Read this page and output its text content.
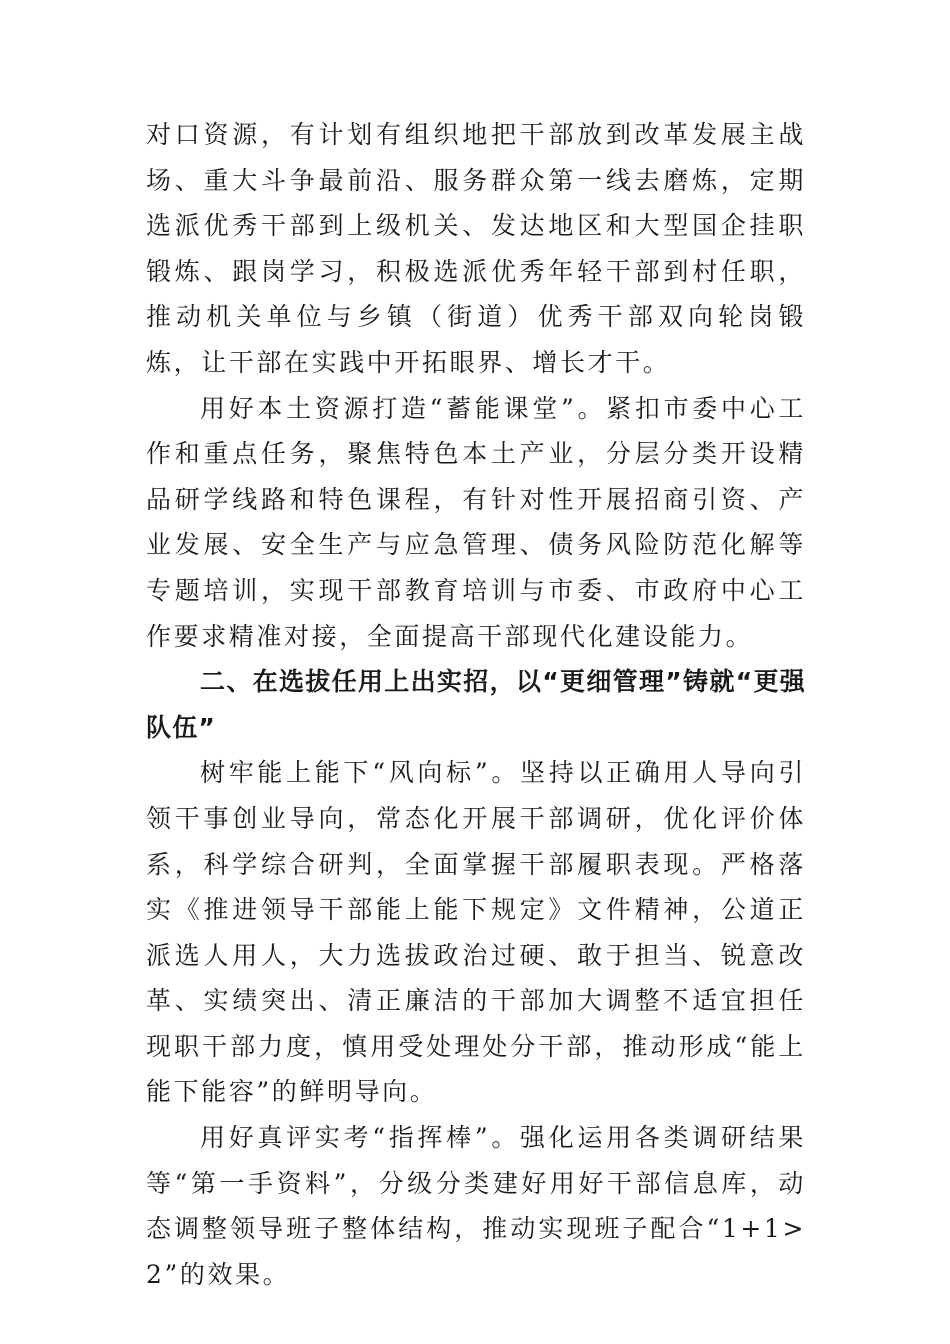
对口资源，有计划有组织地把干部放到改革发展主战场、重大斗争最前沿、服务群众第一线去磨炼，定期选派优秀干部到上级机关、发达地区和大型国企挂职锻炼、跟岗学习，积极选派优秀年轻干部到村任职，推动机关单位与乡镇（街道）优秀干部双向轮岗锻炼，让干部在实践中开拓眼界、增长才干。

用好本土资源打造“蓄能课堂”。紧扣市委中心工作和重点任务，聚焦特色本土产业，分层分类开设精品研学线路和特色课程，有针对性开展招商引资、产业发展、安全生产与应急管理、债务风险防范化解等专题培训，实现干部教育培训与市委、市政府中心工作要求精准对接，全面提高干部现代化建设能力。

二、在选拔任用上出实招，以“更细管理”铸就“更强队伍”

树牢能上能下“风向标”。坚持以正确用人导向引领干事创业导向，常态化开展干部调研，优化评价体系，科学综合研判，全面掌握干部履职表现。严格落实《推进领导干部能上能下规定》文件精神，公道正派选人用人，大力选拔政治过硬、敢于担当、锐意改革、实绩突出、清正廉洁的干部加大调整不适宜担任现职干部力度，慎用受处理处分干部，推动形成“能上能下能容”的鲜明导向。

用好真评实考“指挥棒”。强化运用各类调研结果等“第一手资料”，分级分类建好用好干部信息库，动态调整领导班子整体结构，推动实现班子配合“1+1>2”的效果。
